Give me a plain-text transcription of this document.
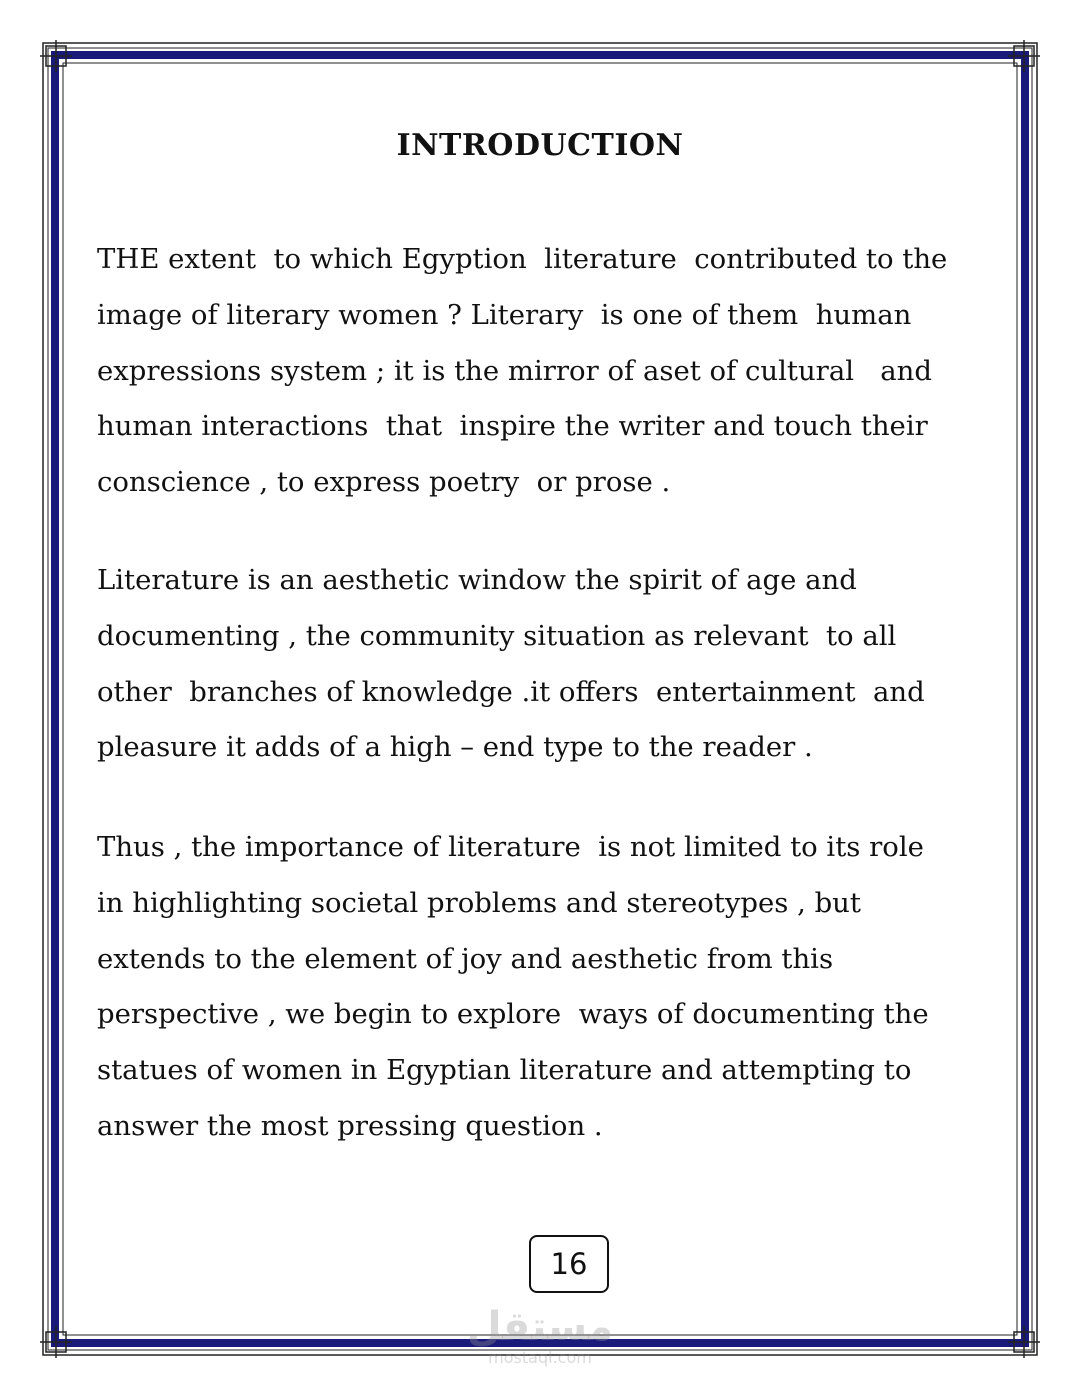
INTRODUCTION

THE extent  to which Egyption  literature  contributed to the
image of literary women ? Literary  is one of them  human
expressions system ; it is the mirror of aset of cultural   and
human interactions  that  inspire the writer and touch their
conscience , to express poetry  or prose .

Literature is an aesthetic window the spirit of age and
documenting , the community situation as relevant  to all
other  branches of knowledge .it offers  entertainment  and
pleasure it adds of a high – end type to the reader .

Thus , the importance of literature  is not limited to its role
in highlighting societal problems and stereotypes , but
extends to the element of joy and aesthetic from this
perspective , we begin to explore  ways of documenting the
statues of women in Egyptian literature and attempting to
answer the most pressing question .

16
مستقل
mostaql.com
